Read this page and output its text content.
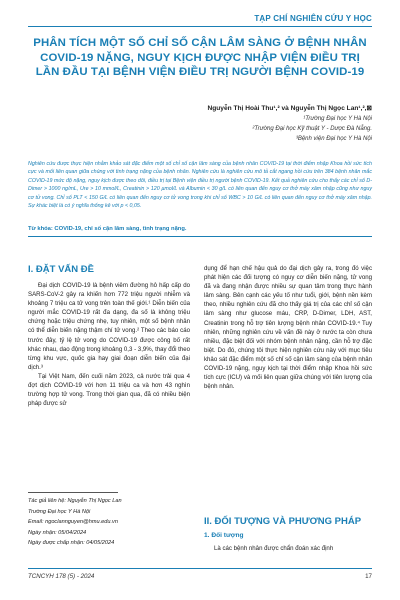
TẠP CHÍ NGHIÊN CỨU Y HỌC
PHÂN TÍCH MỘT SỐ CHỈ SỐ CẬN LÂM SÀNG Ở BỆNH NHÂN COVID-19 NẶNG, NGUY KỊCH ĐƯỢC NHẬP VIỆN ĐIỀU TRỊ LẦN ĐẦU TẠI BỆNH VIỆN ĐIỀU TRỊ NGƯỜI BỆNH COVID-19
Nguyễn Thị Hoài Thu¹,² và Nguyễn Thị Ngọc Lan¹,²,⊠
¹Trường Đại học Y Hà Nội
²Trường Đại học Kỹ thuật Y - Dược Đà Nẵng.
³Bệnh viện Đại học Y Hà Nội
Nghiên cứu được thực hiện nhằm khảo sát đặc điểm một số chỉ số cận lâm sàng của bệnh nhân COVID-19 tại thời điểm nhập Khoa hồi sức tích cực và mối liên quan giữa chúng với tình trạng nặng của bệnh nhân. Nghiên cứu là nghiên cứu mô tả cắt ngang hồi cứu trên 384 bệnh nhân mắc COVID-19 mức độ nặng, nguy kịch được theo dõi, điều trị tại Bệnh viện điều trị người bệnh COVID-19. Kết quả nghiên cứu cho thấy các chỉ số D-Dimer > 1000 ng/mL, Ure > 10 mmol/L, Creatinin > 120 µmol/L và Albumin < 30 g/L có liên quan đến nguy cơ thở máy xâm nhập cũng như nguy cơ tử vong. Chỉ số PLT < 150 G/L có liên quan đến nguy cơ tử vong trong khi chỉ số WBC > 10 G/L có liên quan đến nguy cơ thở máy xâm nhập. Sự khác biệt là có ý nghĩa thống kê với p < 0,05.
Từ khóa: COVID-19, chỉ số cận lâm sàng, tình trạng nặng.
I. ĐẶT VẤN ĐỀ

Đại dịch COVID-19 là bệnh viêm đường hô hấp cấp do SARS-CoV-2 gây ra khiến hơn 772 triệu người nhiễm và khoảng 7 triệu ca tử vong trên toàn thế giới.¹ Diễn biến của người mắc COVID-19 rất đa dạng, đa số là không triệu chứng hoặc triệu chứng nhẹ, tuy nhiên, một số bệnh nhân có thể diễn biến nặng thậm chí tử vong.² Theo các báo cáo trước đây, tỷ lệ tử vong do COVID-19 được công bố rất khác nhau, dao động trong khoảng 0,3 - 3,9%, thay đổi theo từng khu vực, quốc gia hay giai đoạn diễn biến của đại dịch.³

Tại Việt Nam, đến cuối năm 2023, cả nước trải qua 4 đợt dịch COVID-19 với hơn 11 triệu ca và hơn 43 nghìn trường hợp tử vong. Trong thời gian qua, đã có nhiều biện pháp được sử

dụng để hạn chế hậu quả do đại dịch gây ra, trong đó việc phát hiện các đối tượng có nguy cơ diễn biến nặng, tử vong đã và đang nhận được nhiều sự quan tâm trong thực hành lâm sàng. Bên cạnh các yếu tố như tuổi, giới, bệnh nền kèm theo, nhiều nghiên cứu đã cho thấy giá trị của các chỉ số cận lâm sàng như glucose máu, CRP, D-Dimer, LDH, AST, Creatinin trong hỗ trợ tiên lượng bệnh nhân COVID-19.⁴ Tuy nhiên, những nghiên cứu về vấn đề này ở nước ta còn chưa nhiều, đặc biệt đối với nhóm bệnh nhân nặng, cần hỗ trợ đặc biệt. Do đó, chúng tôi thực hiện nghiên cứu này với mục tiêu khảo sát đặc điểm một số chỉ số cận lâm sàng của bệnh nhân COVID-19 nặng, nguy kịch tại thời điểm nhập Khoa hồi sức tích cực (ICU) và mối liên quan giữa chúng với tiên lượng của bệnh nhân.

Tác giả liên hệ: Nguyễn Thị Ngọc Lan
Trường Đại học Y Hà Nội
Email: ngoclannguyen@hmu.edu.vn
Ngày nhận: 05/04/2024
Ngày được chấp nhận: 04/05/2024
II. ĐỐI TƯỢNG VÀ PHƯƠNG PHÁP
1. Đối tượng

Là các bệnh nhân được chẩn đoán xác định

TCNCYH 178 (5) - 2024	17
